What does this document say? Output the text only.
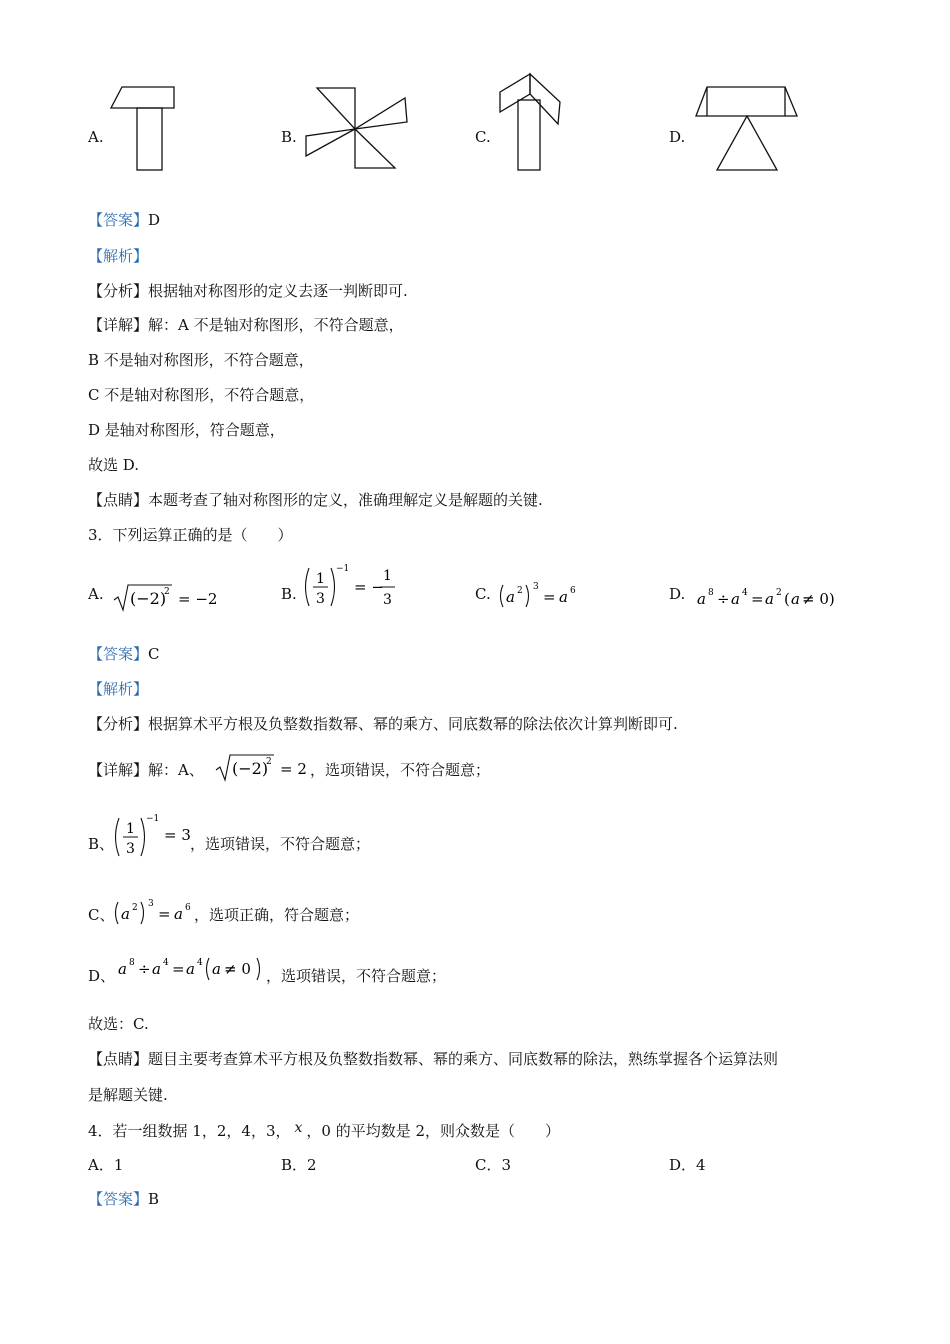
A.	B.	C.	D.
【答案】D
【解析】
【分析】根据轴对称图形的定义去逐一判断即可.
【详解】解：A 不是轴对称图形，不符合题意，
B 不是轴对称图形，不符合题意，
C 不是轴对称图形，不符合题意，
D 是轴对称图形，符合题意，
故选 D.
【点睛】本题考查了轴对称图形的定义，准确理解定义是解题的关键.
3．下列运算正确的是（　　）
A. (−2)
2 = −2	B.
1
3
−1
= −
1
3	C. a 2 3
= a 6	D. a 8 ÷ a 4 = a 2 ( a ≠ 0)
【答案】C
【解析】
【分析】根据算术平方根及负整数指数幂、幂的乘方、同底数幂的除法依次计算判断即可.
【详解】解：A、 (−2)
2 = 2 ，选项错误，不符合题意；
B、
1
3
−1
= 3 ，选项错误，不符合题意；
C、 a 2 3
= a 6 ，选项正确，符合题意；
D、 a 8 ÷ a 4 = a 4 a ≠ 0 ，选项错误，不符合题意；
故选：C.
【点睛】题目主要考查算术平方根及负整数指数幂、幂的乘方、同底数幂的除法，熟练掌握各个运算法则
是解题关键.
4．若一组数据 1，2，4，3， x ，0 的平均数是 2，则众数是（　　）
A．1	B．2	C．3	D．4
【答案】B
